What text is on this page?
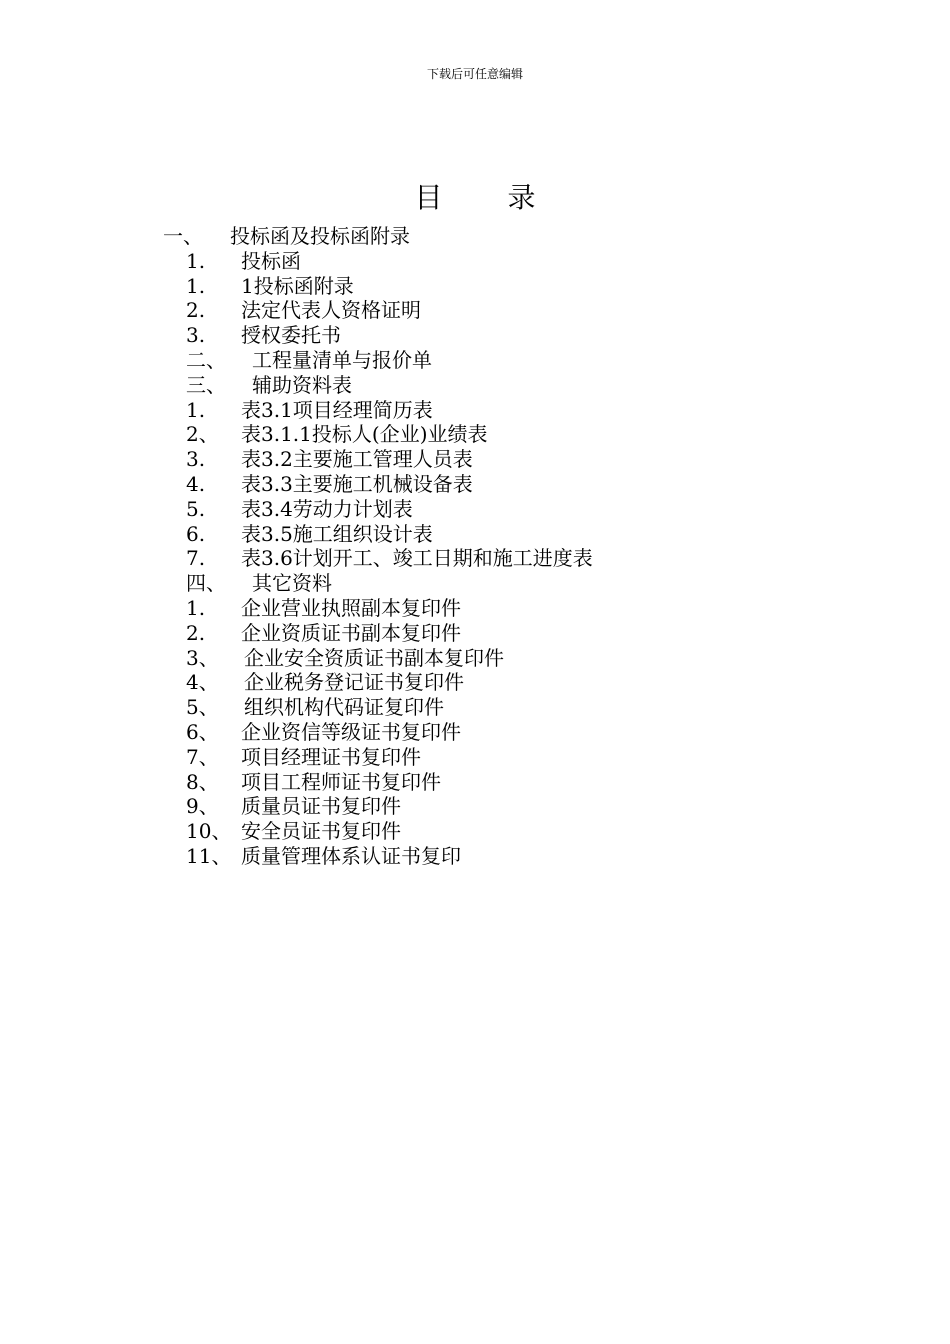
下载后可任意编辑
目 录
一、 投标函及投标函附录
1. 投标函
1. 1投标函附录
2. 法定代表人资格证明
3. 授权委托书
二、 工程量清单与报价单
三、 辅助资料表
1. 表3.1项目经理简历表
2、 表3.1.1投标人(企业)业绩表
3. 表3.2主要施工管理人员表
4. 表3.3主要施工机械设备表
5. 表3.4劳动力计划表
6. 表3.5施工组织设计表
7. 表3.6计划开工、竣工日期和施工进度表
四、 其它资料
1. 企业营业执照副本复印件
2. 企业资质证书副本复印件
3、 企业安全资质证书副本复印件
4、 企业税务登记证书复印件
5、 组织机构代码证复印件
6、 企业资信等级证书复印件
7、 项目经理证书复印件
8、 项目工程师证书复印件
9、 质量员证书复印件
10、 安全员证书复印件
11、 质量管理体系认证书复印
